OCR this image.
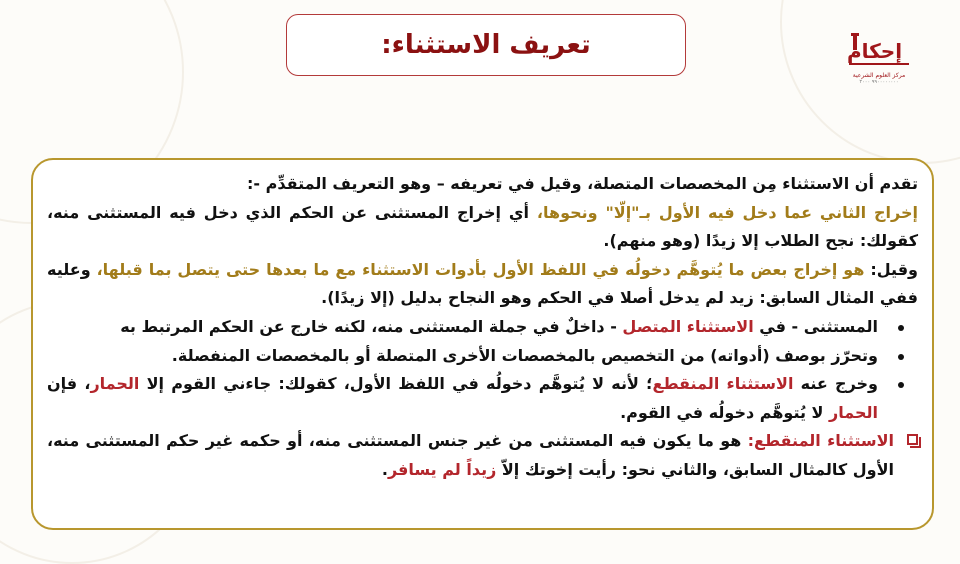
تعريف الاستثناء:	إحكام
مركز العلوم الشرعية
٩٩٠٠٠٠٠٠٠٠ ٢٠٠٠

تقدم أن الاستثناء مِن المخصصات المتصلة، وقيل في تعريفه – وهو التعريف المتقدِّم -:

إخراج الثاني عما دخل فيه الأول بـ"إلّا" ونحوها، أي إخراج المستثنى عن الحكم الذي دخل فيه المستثنى منه، كقولك: نجح الطلاب إلا زيدًا (وهو منهم).

وقيل: هو إخراج بعض ما يُتوهَّم دخولُه في اللفظ الأول بأدوات الاستثناء مع ما بعدها حتى يتصل بما قبلها، وعليه ففي المثال السابق: زيد لم يدخل أصلا في الحكم وهو النجاح بدليل (إلا زيدًا).

المستثنى - في الاستثناء المتصل - داخلٌ في جملة المستثنى منه، لكنه خارج عن الحكم المرتبط به

وتحرّز بوصف (أدواته) من التخصيص بالمخصصات الأخرى المتصلة أو بالمخصصات المنفصلة.

وخرج عنه الاستثناء المنقطع؛ لأنه لا يُتوهَّم دخولُه في اللفظ الأول، كقولك: جاءني القوم إلا الحمار، فإن الحمار لا يُتوهَّم دخولُه في القوم.

الاستثناء المنقطع: هو ما يكون فيه المستثنى من غير جنس المستثنى منه، أو حكمه غير حكم المستثنى منه، الأول كالمثال السابق، والثاني نحو: رأيت إخوتك إلاّ زيداً لم يسافر.
